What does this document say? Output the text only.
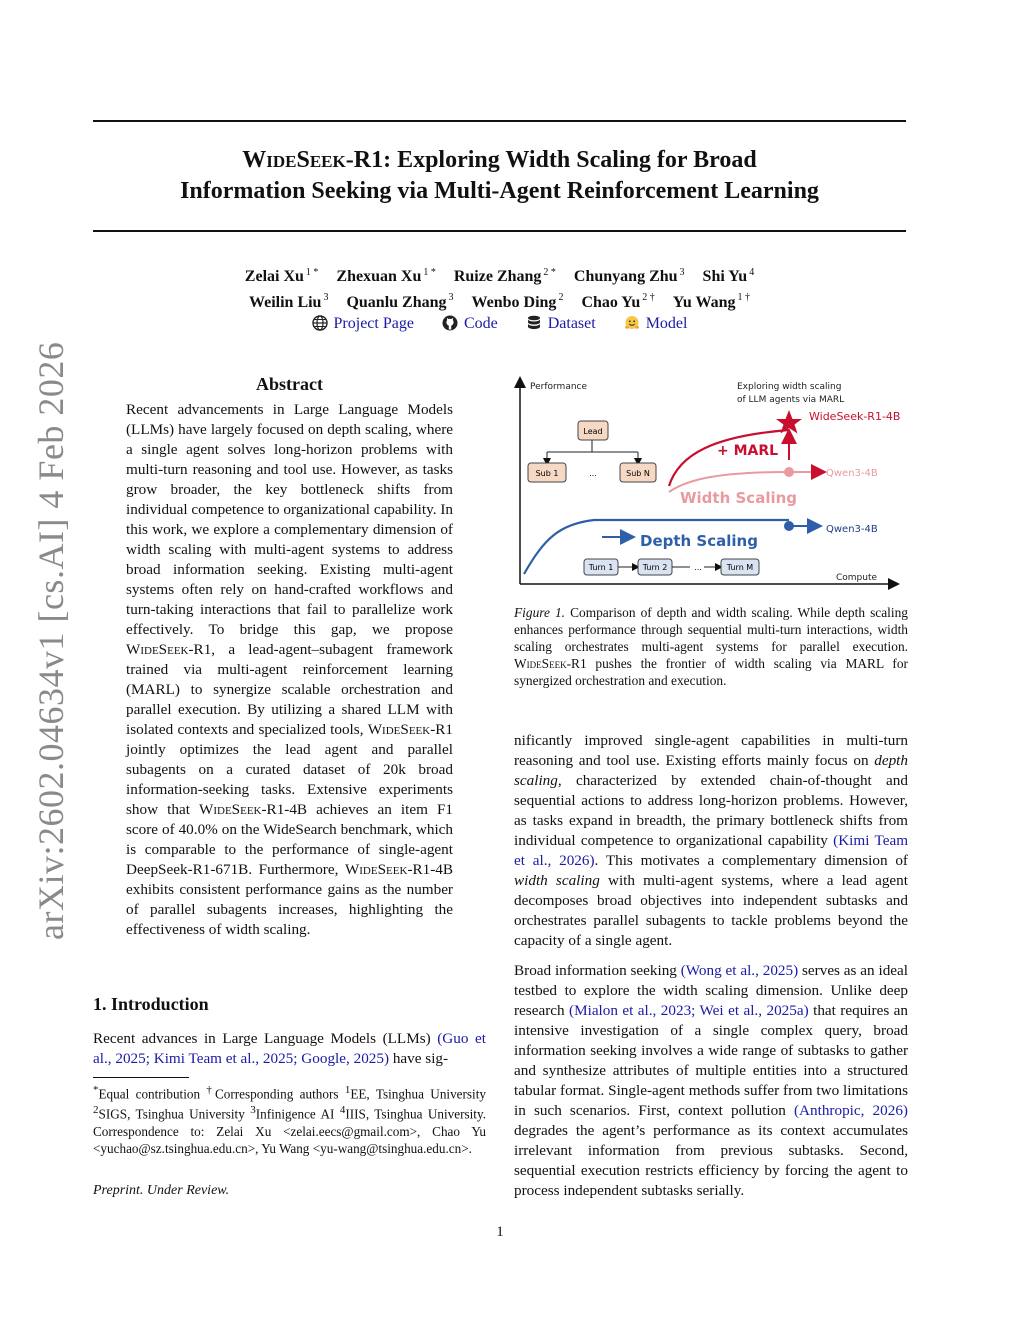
WideSeek-R1: Exploring Width Scaling for Broad
Information Seeking via Multi-Agent Reinforcement Learning
Zelai Xu $^{1 *}$ Zhexuan Xu $^{1 *}$ Ruize Zhang $^{2 *}$ Chunyang Zhu $^3$ Shi Yu $^4$
Weilin Liu $^3$ Quanlu Zhang $^3$ Wenbo Ding $^2$ Chao Yu $^{2 \dagger}$ Yu Wang $^{1 \dagger}$
Project Page	Code	Dataset	Model
arXiv:2602.04634v1 [cs.AI] 4 Feb 2026	Abstract
Recent advancements in Large Language Models (LLMs) have largely focused on depth scaling, where a single agent solves long-horizon problems with multi-turn reasoning and tool use. However, as tasks grow broader, the key bottleneck shifts from individual competence to organizational capability. In this work, we explore a complementary dimension of width scaling with multi-agent systems to address broad information seeking. Existing multi-agent systems often rely on hand-crafted workflows and turn-taking interactions that fail to parallelize work effectively. To bridge this gap, we propose WideSeek-R1, a lead-agent–subagent framework trained via multi-agent reinforcement learning (MARL) to synergize scalable orchestration and parallel execution. By utilizing a shared LLM with isolated contexts and specialized tools, WideSeek-R1 jointly optimizes the lead agent and parallel subagents on a curated dataset of 20k broad information-seeking tasks. Extensive experiments show that WideSeek-R1-4B achieves an item F1 score of 40.0% on the WideSearch benchmark, which is comparable to the performance of single-agent DeepSeek-R1-671B. Furthermore, WideSeek-R1-4B exhibits consistent performance gains as the number of parallel subagents increases, highlighting the effectiveness of width scaling.
1. Introduction
Recent advances in Large Language Models (LLMs) (Guo et al., 2025; Kimi Team et al., 2025; Google, 2025) have sig-
*Equal contribution †Corresponding authors $^1$EE, Tsinghua University $^2$SIGS, Tsinghua University $^3$Infinigence AI $^4$IIIS, Tsinghua University. Correspondence to: Zelai Xu <zelai.eecs@gmail.com>, Chao Yu <yuchao@sz.tsinghua.edu.cn>, Yu Wang <yu-wang@tsinghua.edu.cn>.
Preprint. Under Review.
Performance
Compute
Exploring width scaling
of LLM agents via MARL
Lead
Sub 1	...	Sub N
WideSeek-R1-4B
Qwen3-4B
Qwen3-4B
+ MARL
Width Scaling
Depth Scaling
Turn 1	Turn 2	...	Turn M
Figure 1. Comparison of depth and width scaling. While depth scaling enhances performance through sequential multi-turn interactions, width scaling orchestrates multi-agent systems for parallel execution. WideSeek-R1 pushes the frontier of width scaling via MARL for synergized orchestration and execution.

nificantly improved single-agent capabilities in multi-turn reasoning and tool use. Existing efforts mainly focus on depth scaling, characterized by extended chain-of-thought and sequential actions to address long-horizon problems. However, as tasks expand in breadth, the primary bottleneck shifts from individual competence to organizational capability (Kimi Team et al., 2026). This motivates a complementary dimension of width scaling with multi-agent systems, where a lead agent decomposes broad objectives into independent subtasks and orchestrates parallel subagents to tackle problems beyond the capacity of a single agent.

Broad information seeking (Wong et al., 2025) serves as an ideal testbed to explore the width scaling dimension. Unlike deep research (Mialon et al., 2023; Wei et al., 2025a) that requires an intensive investigation of a single complex query, broad information seeking involves a wide range of subtasks to gather and synthesize attributes of multiple entities into a structured tabular format. Single-agent methods suffer from two limitations in such scenarios. First, context pollution (Anthropic, 2026) degrades the agent’s performance as its context accumulates irrelevant information from previous subtasks. Second, sequential execution restricts efficiency by forcing the agent to process independent subtasks serially.

1
